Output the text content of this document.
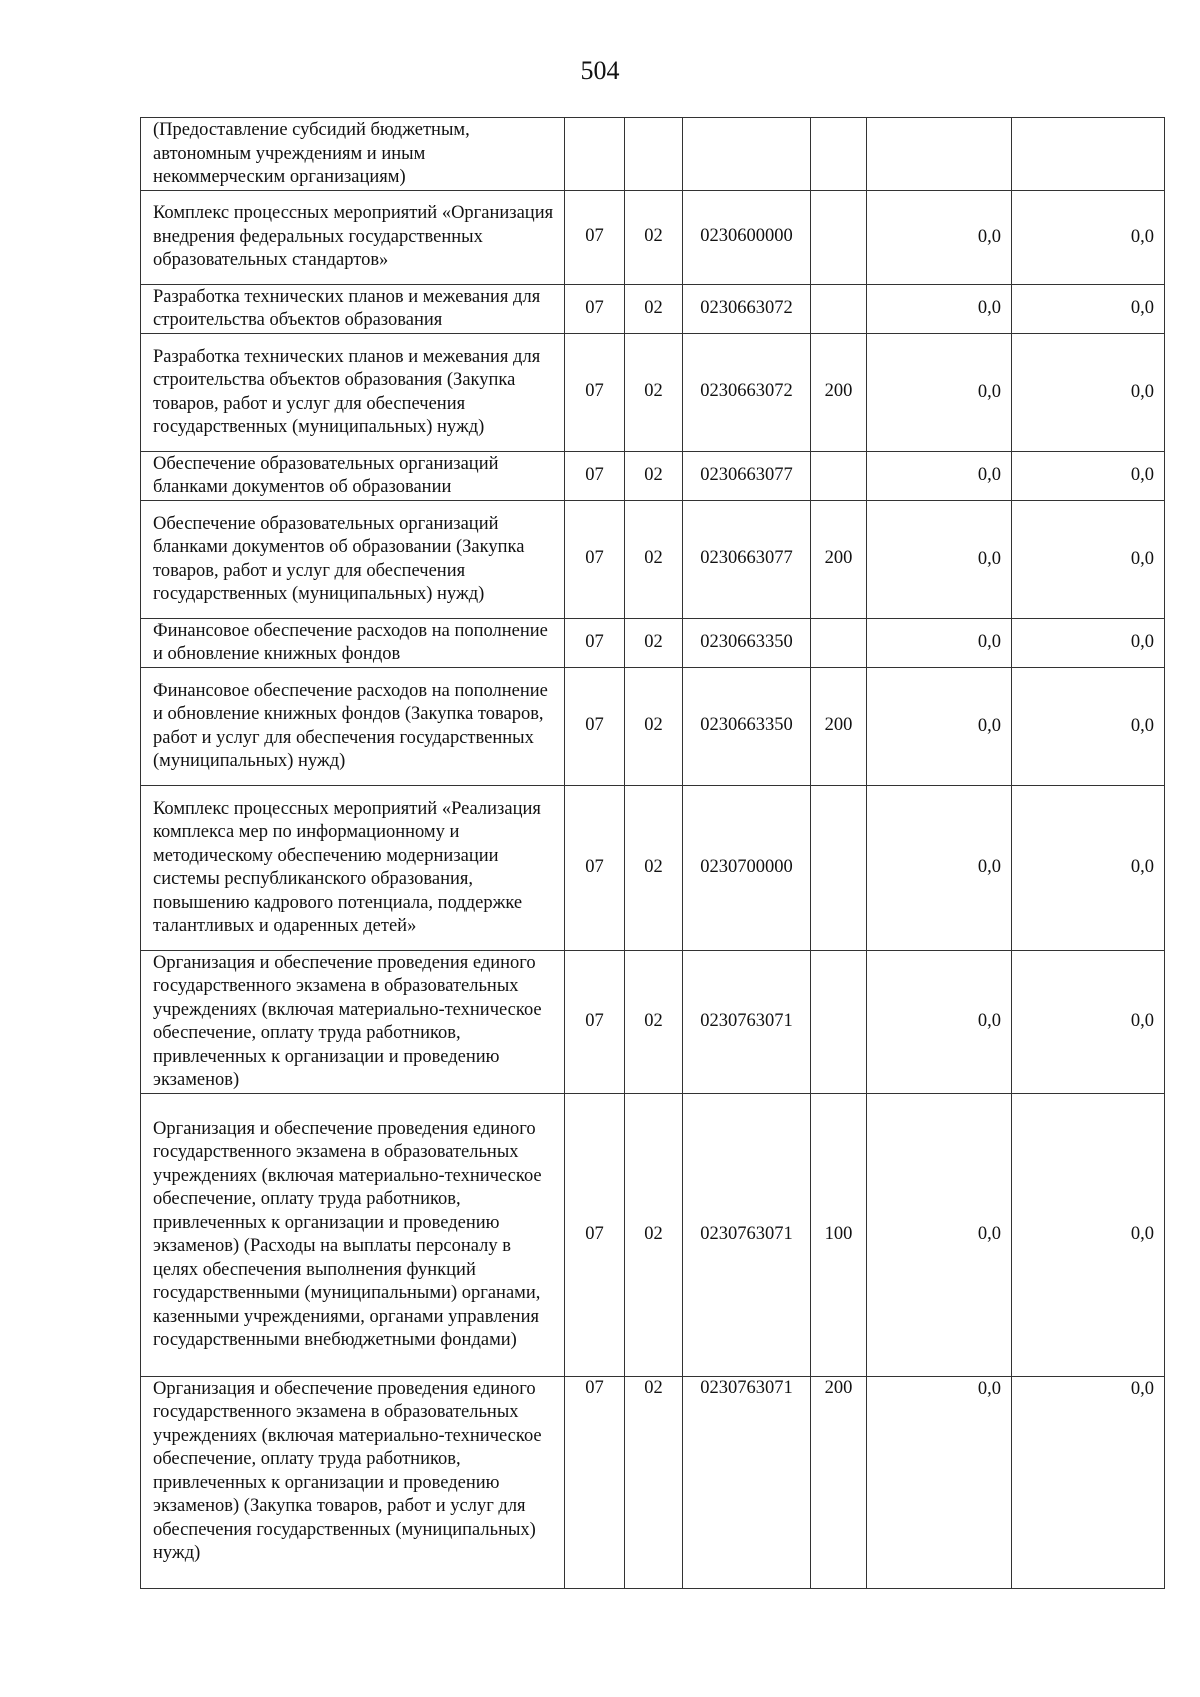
504
(Предоставление субсидий бюджетным, автономным учреждениям и иным некоммерческим организациям)						
Комплекс процессных мероприятий «Организация внедрения федеральных государственных образовательных стандартов»	07	02	0230600000		0,0	0,0
Разработка технических планов и межевания для строительства объектов образования	07	02	0230663072		0,0	0,0
Разработка технических планов и межевания для строительства объектов образования (Закупка товаров, работ и услуг для обеспечения государственных (муниципальных) нужд)	07	02	0230663072	200	0,0	0,0
Обеспечение образовательных организаций бланками документов об образовании	07	02	0230663077		0,0	0,0
Обеспечение образовательных организаций бланками документов об образовании (Закупка товаров, работ и услуг для обеспечения государственных (муниципальных) нужд)	07	02	0230663077	200	0,0	0,0
Финансовое обеспечение расходов на пополнение и обновление книжных фондов	07	02	0230663350		0,0	0,0
Финансовое обеспечение расходов на пополнение и обновление книжных фондов (Закупка товаров, работ и услуг для обеспечения государственных (муниципальных) нужд)	07	02	0230663350	200	0,0	0,0
Комплекс процессных мероприятий «Реализация комплекса мер по информационному и методическому обеспечению модернизации системы республиканского образования, повышению кадрового потенциала, поддержке талантливых и одаренных детей»	07	02	0230700000		0,0	0,0
Организация и обеспечение проведения единого государственного экзамена в образовательных учреждениях (включая материально-техническое обеспечение, оплату труда работников, привлеченных к организации и проведению экзаменов)	07	02	0230763071		0,0	0,0
Организация и обеспечение проведения единого государственного экзамена в образовательных учреждениях (включая материально-техническое обеспечение, оплату труда работников, привлеченных к организации и проведению экзаменов) (Расходы на выплаты персоналу в целях обеспечения выполнения функций государственными (муниципальными) органами, казенными учреждениями, органами управления государственными внебюджетными фондами)	07	02	0230763071	100	0,0	0,0
Организация и обеспечение проведения единого государственного экзамена в образовательных учреждениях (включая материально-техническое обеспечение, оплату труда работников, привлеченных к организации и проведению экзаменов) (Закупка товаров, работ и услуг для обеспечения государственных (муниципальных) нужд)	07	02	0230763071	200	0,0	0,0
